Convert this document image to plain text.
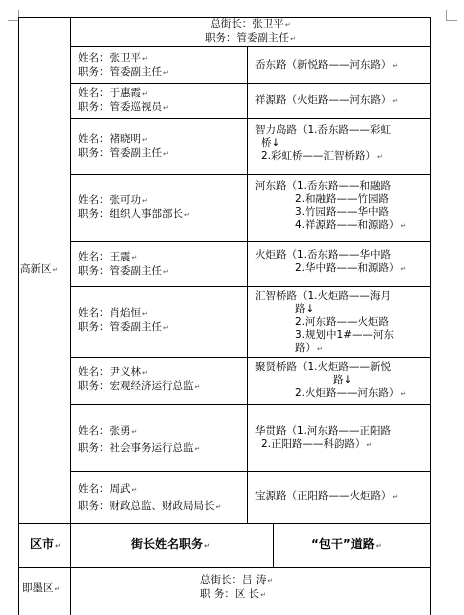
总街长：张卫平↵
职务：管委副主任↵
高新区↵
姓名：张卫平↵
职务：管委副主任↵
岙东路（新悦路——河东路）↵
姓名：于惠霞↵
职务：管委巡视员↵
祥源路（火炬路——河东路）↵
姓名：褚晓明↵
职务：管委副主任↵
智力岛路（1.岙东路——彩虹
桥↓
2.彩虹桥——汇智桥路）↵
姓名：张可功↵
职务：组织人事部部长↵
河东路（1.岙东路——和融路
2.和融路——竹园路
3.竹园路——华中路
4.祥源路——和源路）↵
姓名：王震↵
职务：管委副主任↵
火炬路（1.岙东路——华中路
2.华中路——和源路）↵
姓名：肖焰恒↵
职务：管委副主任↵
汇智桥路（1.火炬路——海月
路↓
2.河东路——火炬路
3.规划中1#——河东
路）↵
姓名：尹义林↵
职务：宏观经济运行总监↵
聚贤桥路（1.火炬路——新悦
路↓
2.火炬路——河东路）↵
姓名：张勇↵
职务：社会事务运行总监↵
华贯路（1.河东路——正阳路
2.正阳路——科韵路）↵
姓名：周武↵
职务：财政总监、财政局局长↵
宝源路（正阳路——火炬路）↵
区市↵	街长姓名职务↵	“包干”道路↵
即墨区↵
总街长：吕 涛↵
职 务：区 长↵
